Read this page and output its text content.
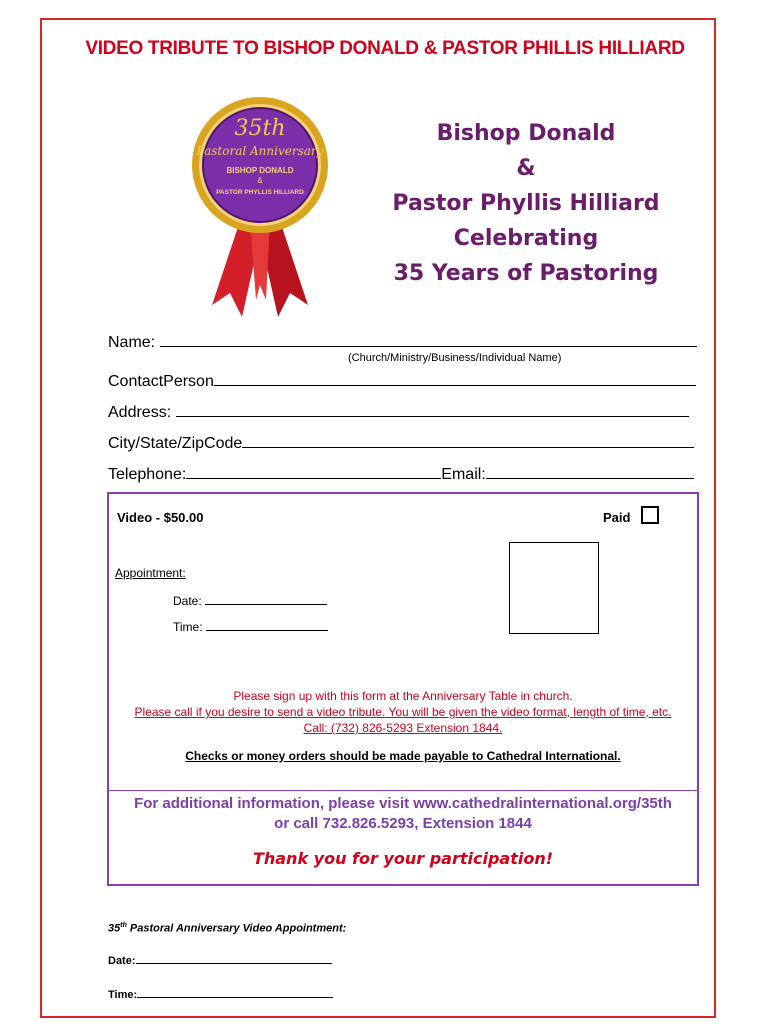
VIDEO TRIBUTE TO BISHOP DONALD & PASTOR PHILLIS HILLIARD
35th
Pastoral Anniversary
BISHOP DONALD
&
PASTOR PHYLLIS HILLIARD
Bishop Donald
&
Pastor Phyllis Hilliard
Celebrating
35 Years of Pastoring
Name:
(Church/Ministry/Business/Individual Name)
ContactPerson
Address:
City/State/ZipCode
Telephone:	Email:
Video - $50.00	Paid
Appointment:
Date:
Time:
Please sign up with this form at the Anniversary Table in church.
Please call if you desire to send a video tribute. You will be given the video format, length of time, etc.
Call: (732) 826-5293 Extension 1844.
Checks or money orders should be made payable to Cathedral International.
For additional information, please visit www.cathedralinternational.org/35th
or call 732.826.5293, Extension 1844
Thank you for your participation!
35th Pastoral Anniversary Video Appointment:
Date:
Time:
